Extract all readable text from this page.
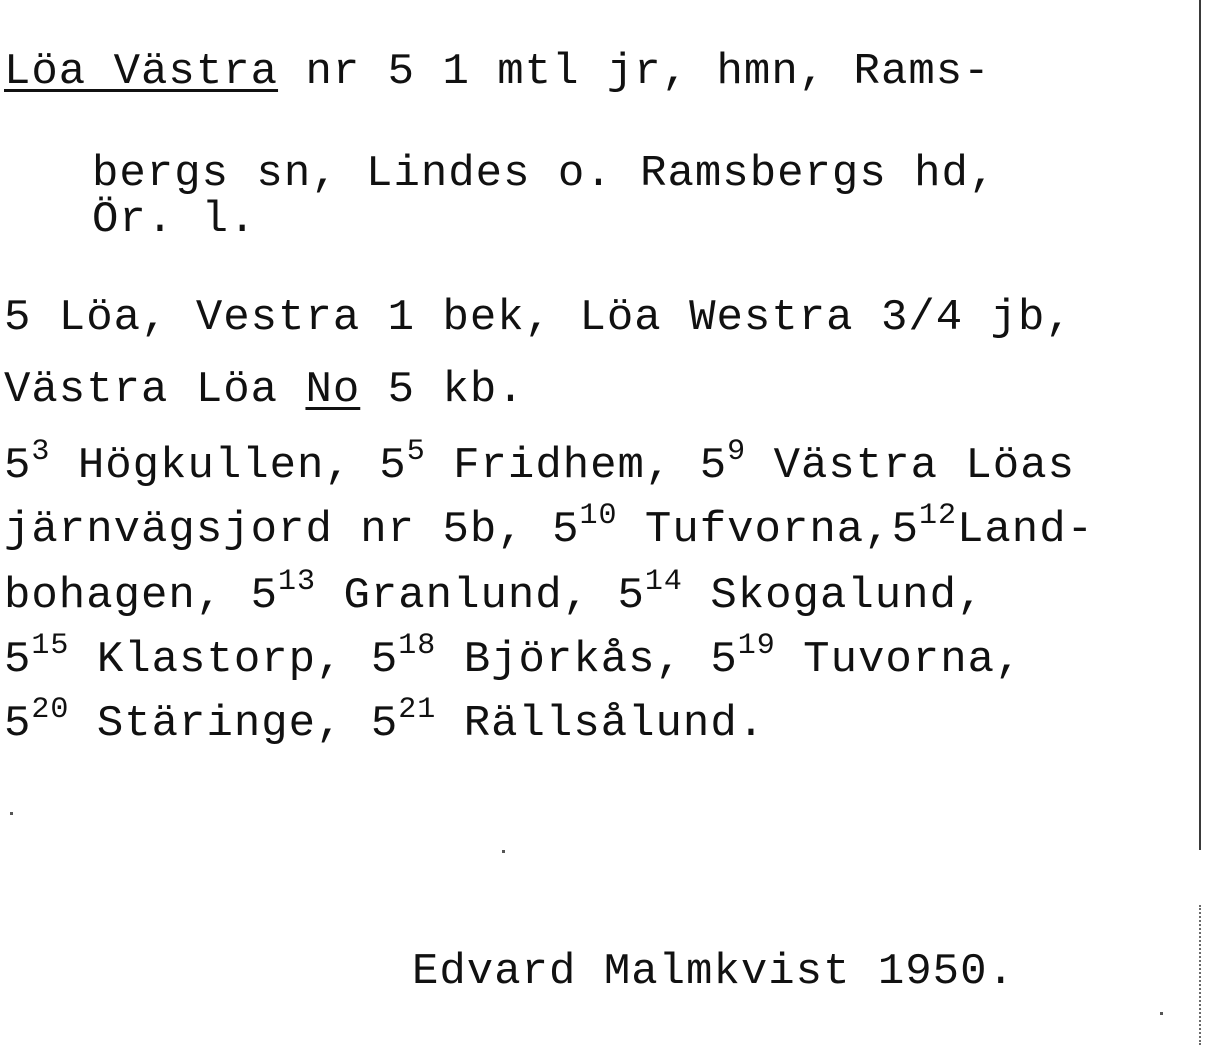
Löa Västra nr 5 1 mtl jr, hmn, Rams-
bergs sn, Lindes o. Ramsbergs hd,
Ör. l.
5 Löa, Vestra 1 bek, Löa Westra 3/4 jb,
Västra Löa No 5 kb.
$5^3$ Högkullen, $5^5$ Fridhem, $5^9$ Västra Löas
järnvägsjord nr 5b, $5^{10}$ $Tufvorna,5^{12}Land-$
bohagen, $5^{13}$ Granlund, $5^{14}$ Skogalund,
$5^{15}$ Klastorp, $5^{18}$ Björkås, $5^{19}$ Tuvorna,
$5^{20}$ Stäringe, $5^{21}$ Rällsålund.
Edvard Malmkvist 1950.
